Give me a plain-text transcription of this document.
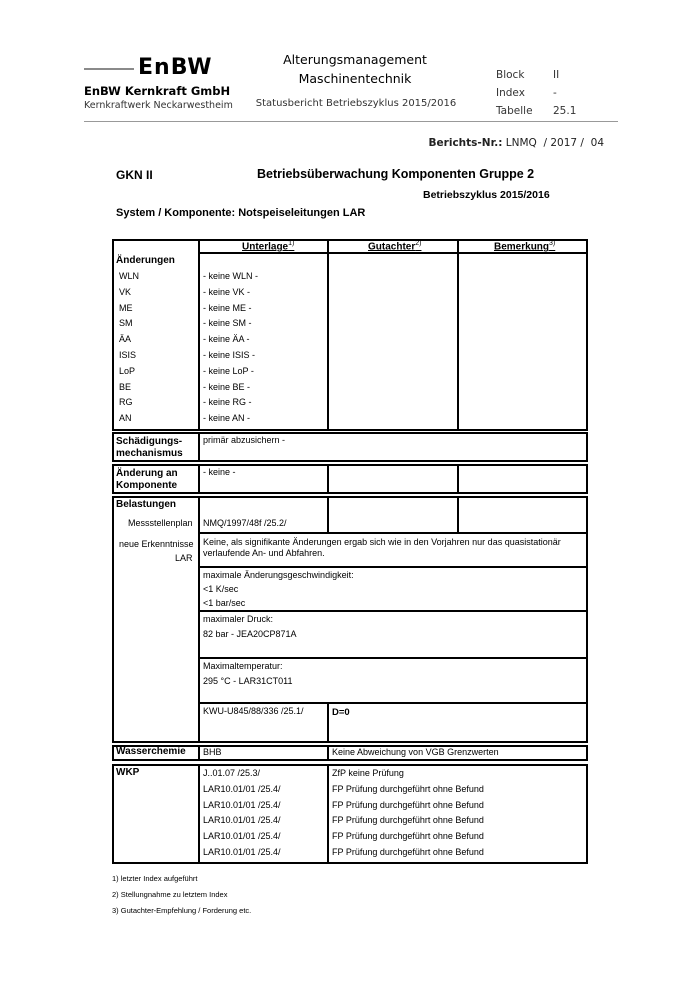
EnBW
EnBW Kernkraft GmbH
Kernkraftwerk Neckarwestheim
Alterungsmanagement
Maschinentechnik
Statusbericht Betriebszyklus 2015/2016
Block	II
Index	-
Tabelle 25.1
Berichts-Nr.: LNMQ  / 2017 /  04
GKN II	Betriebsüberwachung Komponenten Gruppe 2
Betriebszyklus 2015/2016
System / Komponente: Notspeiseleitungen LAR
Unterlage$^{1)}$	Gutachter$^{2)}$	Bemerkung$^{3)}$
Änderungen
WLN	- keine WLN -
VK	- keine VK -
ME	- keine ME -
SM	- keine SM -
ÄA	- keine ÄA -
ISIS	- keine ISIS -
LoP	- keine LoP -
BE	- keine BE -
RG	- keine RG -
AN	- keine AN -
Schädigungs-
mechanismus
primär abzusichern -
Änderung an
Komponente
- keine -
Belastungen
Messstellenplan NMQ/1997/48f /25.2/
neue Erkenntnisse
LAR
Keine, als signifikante Änderungen ergab sich wie in den Vorjahren nur das quasistationär
verlaufende An- und Abfahren.
maximale Änderungsgeschwindigkeit:
<1 K/sec
<1 bar/sec
maximaler Druck:
82 bar - JEA20CP871A
Maximaltemperatur:
295 °C - LAR31CT011
KWU-U845/88/336 /25.1/	D=0
Wasserchemie BHB	Keine Abweichung von VGB Grenzwerten
WKP	J..01.07 /25.3/	ZfP keine Prüfung
LAR10.01/01 /25.4/	FP Prüfung durchgeführt ohne Befund
LAR10.01/01 /25.4/	FP Prüfung durchgeführt ohne Befund
LAR10.01/01 /25.4/	FP Prüfung durchgeführt ohne Befund
LAR10.01/01 /25.4/	FP Prüfung durchgeführt ohne Befund
LAR10.01/01 /25.4/	FP Prüfung durchgeführt ohne Befund
1) letzter Index aufgeführt
2) Stellungnahme zu letztem Index
3) Gutachter-Empfehlung / Forderung etc.
